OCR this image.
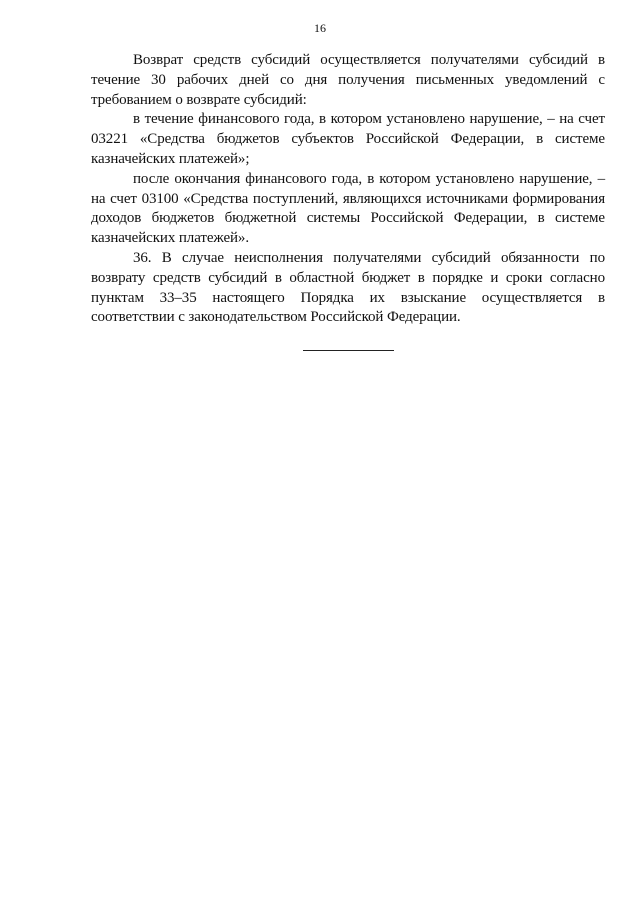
16

Возврат средств субсидий осуществляется получателями субсидий в течение 30 рабочих дней со дня получения письменных уведомлений с требованием о возврате субсидий:

в течение финансового года, в котором установлено нарушение, – на счет 03221 «Средства бюджетов субъектов Российской Федерации, в системе казначейских платежей»;

после окончания финансового года, в котором установлено нарушение, – на счет 03100 «Средства поступлений, являющихся источниками формирования доходов бюджетов бюджетной системы Российской Федерации, в системе казначейских платежей».

36. В случае неисполнения получателями субсидий обязанности по возврату средств субсидий в областной бюджет в порядке и сроки согласно пунктам 33–35 настоящего Порядка их взыскание осуществляется в соответствии с законодательством Российской Федерации.
